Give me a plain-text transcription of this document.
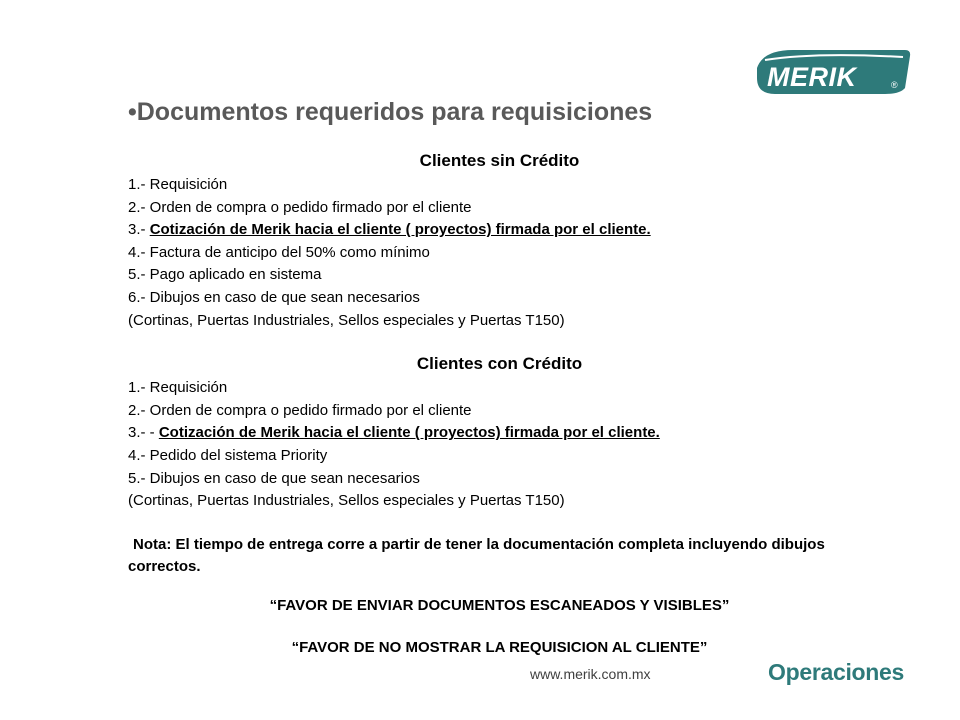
MERIK	®
•Documentos requeridos para requisiciones
Clientes sin Crédito
1.- Requisición
2.- Orden de compra o pedido firmado por el cliente
3.- Cotización de Merik hacia el cliente ( proyectos) firmada por el cliente.
4.- Factura de anticipo del 50% como mínimo
5.- Pago aplicado en sistema
6.- Dibujos en caso de que sean necesarios
(Cortinas, Puertas Industriales, Sellos especiales y Puertas T150)
Clientes con Crédito
1.- Requisición
2.- Orden de compra o pedido firmado por el cliente
3.- - Cotización de Merik hacia el cliente ( proyectos) firmada por el cliente.
4.- Pedido del sistema Priority
5.- Dibujos en caso de que sean necesarios
(Cortinas, Puertas Industriales, Sellos especiales y Puertas T150)
Nota: El tiempo de entrega corre a partir de tener la documentación completa incluyendo dibujos correctos.
“FAVOR DE ENVIAR DOCUMENTOS ESCANEADOS Y VISIBLES”
“FAVOR DE NO MOSTRAR LA REQUISICION AL CLIENTE”
www.merik.com.mx	Operaciones
